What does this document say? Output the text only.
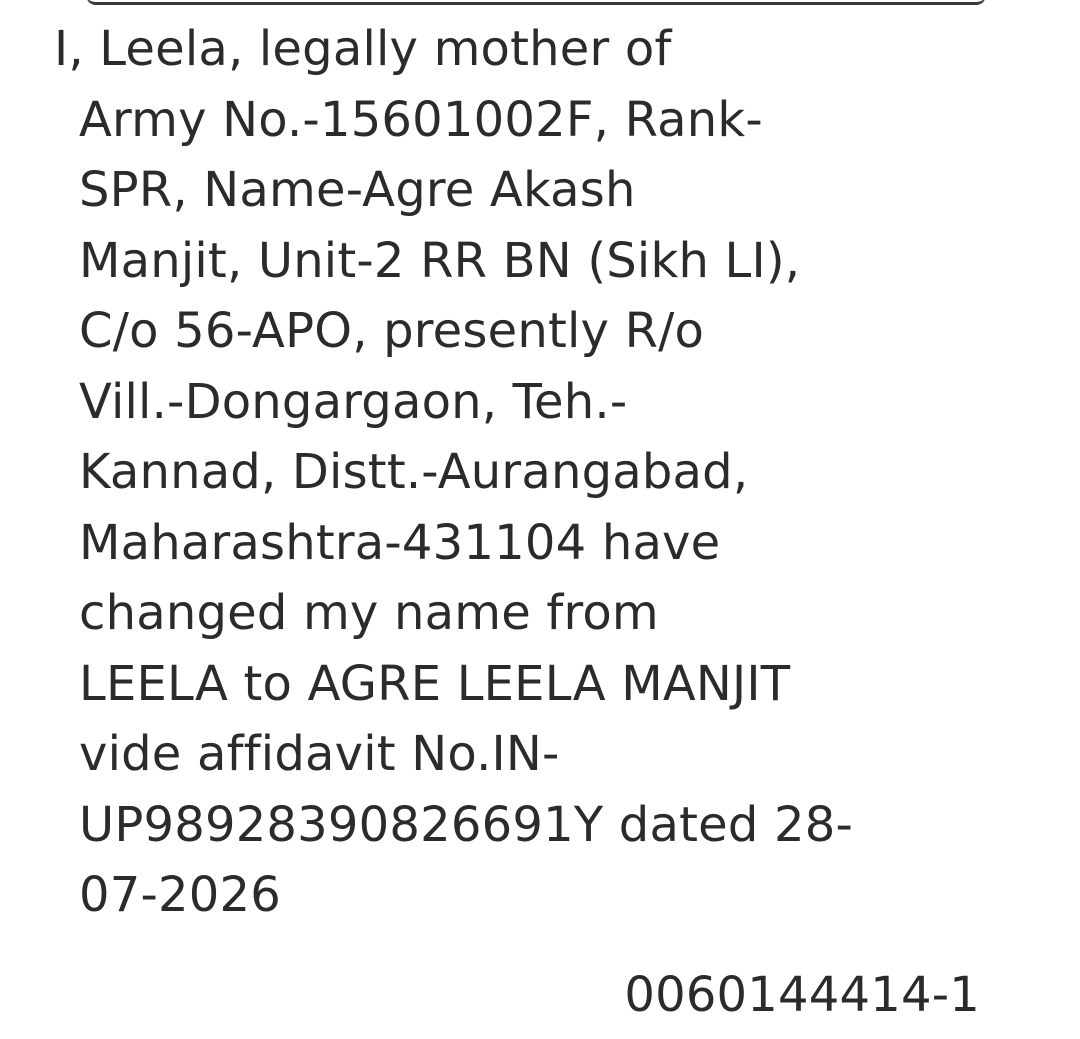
I, Leela, legally mother of
Army No.-15601002F, Rank-
SPR, Name-Agre Akash
Manjit, Unit-2 RR BN (Sikh LI),
C/o 56-APO, presently R/o
Vill.-Dongargaon, Teh.-
Kannad, Distt.-Aurangabad,
Maharashtra-431104 have
changed my name from
LEELA to AGRE LEELA MANJIT
vide affidavit No.IN-
UP98928390826691Y dated 28-
07-2026
0060144414-1
